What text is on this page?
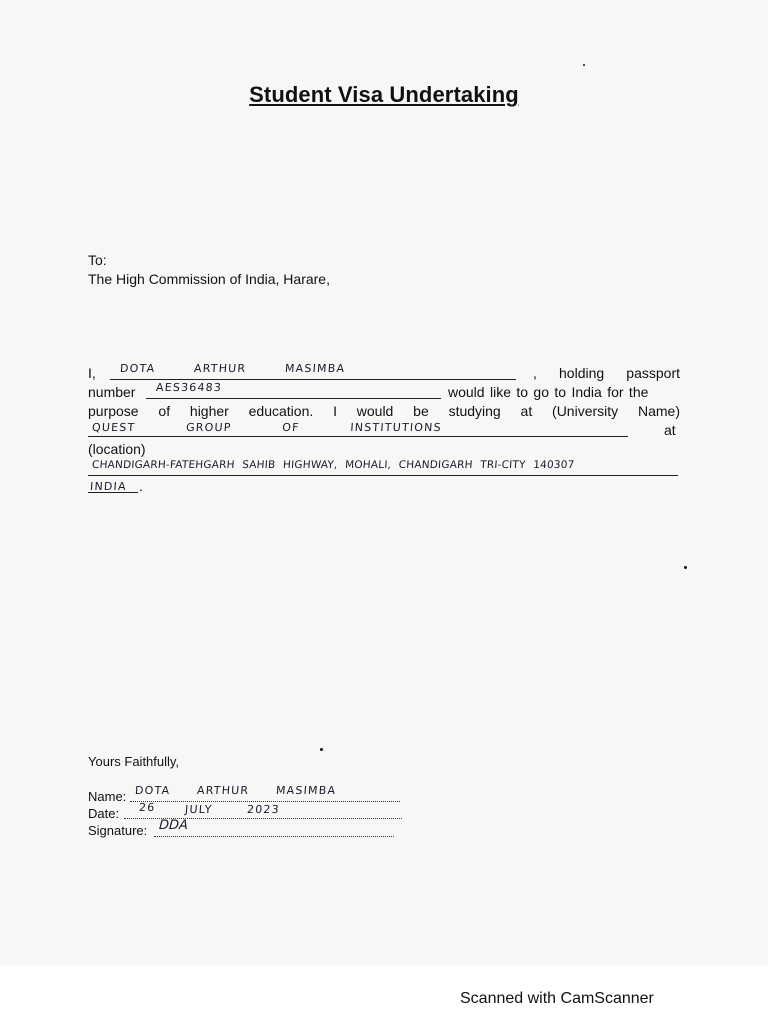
Student Visa Undertaking
To:
The High Commission of India, Harare,
I, DOTA ARTHUR MASIMBA	, holding passport
number AES36483	would like to go to India for the
purpose of higher education. I would be studying at (University Name)
QUEST GROUP OF INSTITUTIONS	at
(location)
CHANDIGARH-FATEHGARH SAHIB HIGHWAY, MOHALI, CHANDIGARH TRI-CITY 140307
INDIA .
Yours Faithfully,
Name: DOTA ARTHUR MASIMBA
Date: 26	JULY	2023
Signature: DDA
Scanned with CamScanner
